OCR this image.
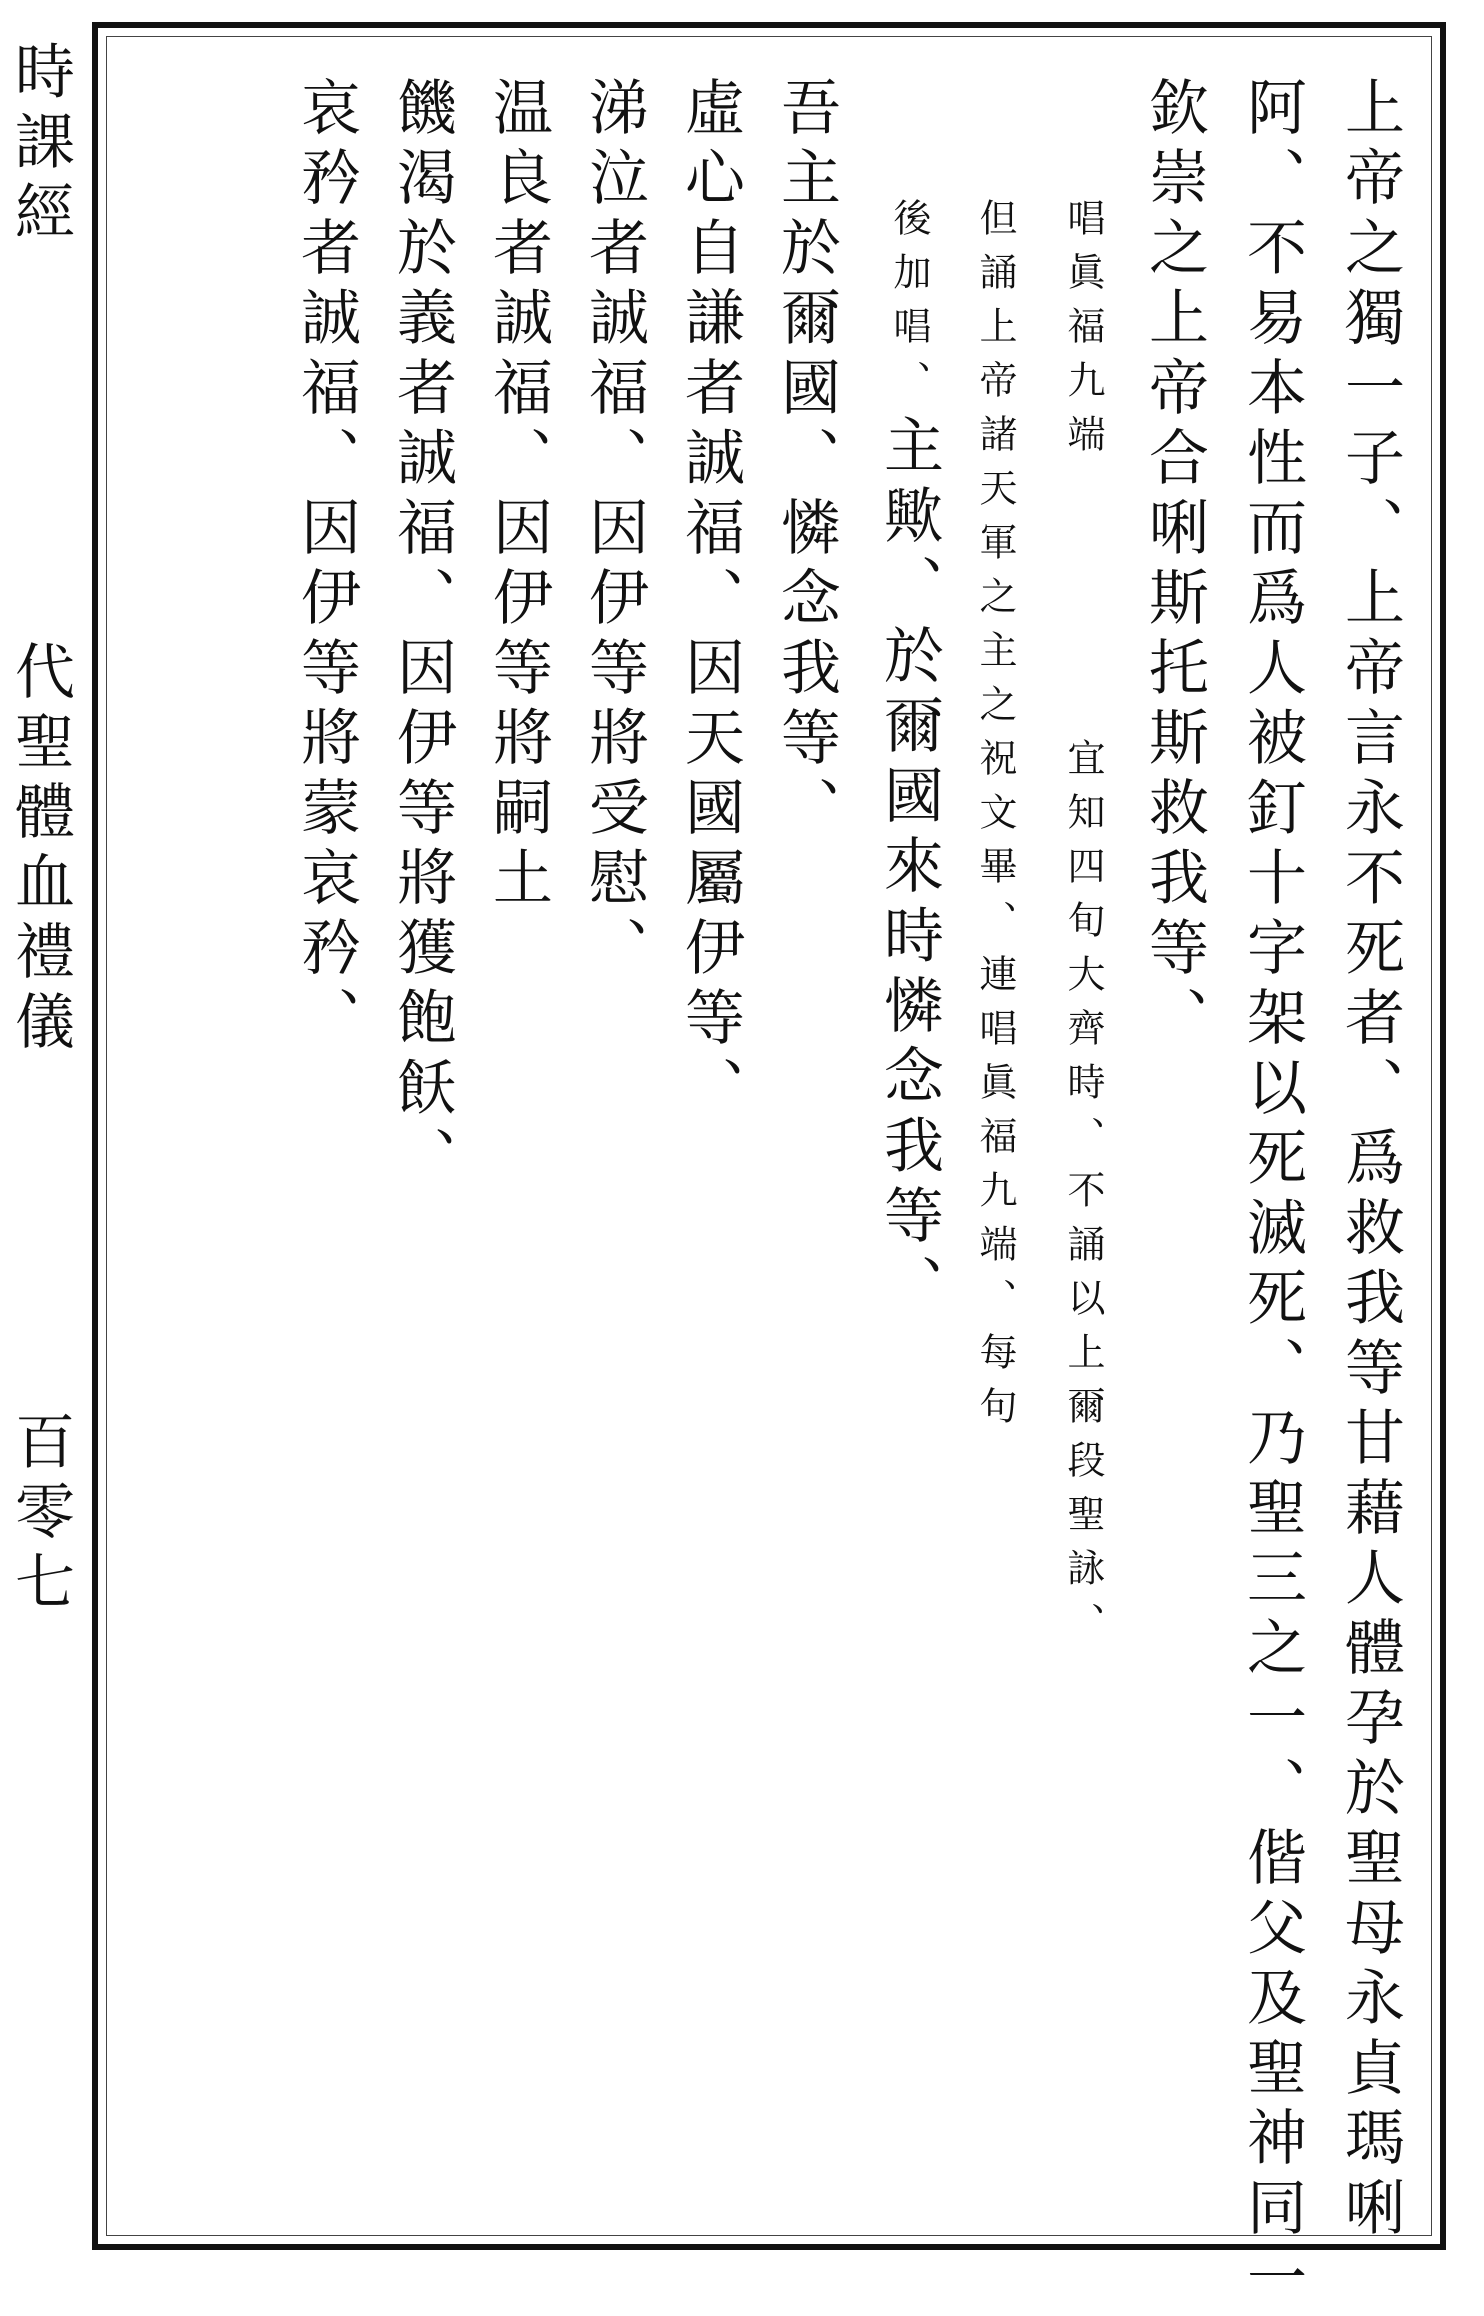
時課經
代聖體血禮儀
百零七	上帝之獨一子、上帝言永不死者、爲救我等甘藉人體孕於聖母永貞瑪唎
阿、不易本性而爲人被釘十字架以死滅死、乃聖三之一、偕父及聖神同一
欽崇之上帝合唎斯托斯救我等、
唱眞福九端
宜知四旬大齊時、不誦以上爾段聖詠、
但誦上帝諸天軍之主之祝文畢、連唱眞福九端、每句
後加唱、主歟、於爾國來時憐念我等、
吾主於爾國、憐念我等、
虛心自謙者誠福、因天國屬伊等、
涕泣者誠福、因伊等將受慰、
温良者誠福、因伊等將嗣土
饑渴於義者誠福、因伊等將獲飽飫、
哀矜者誠福、因伊等將蒙哀矜、
